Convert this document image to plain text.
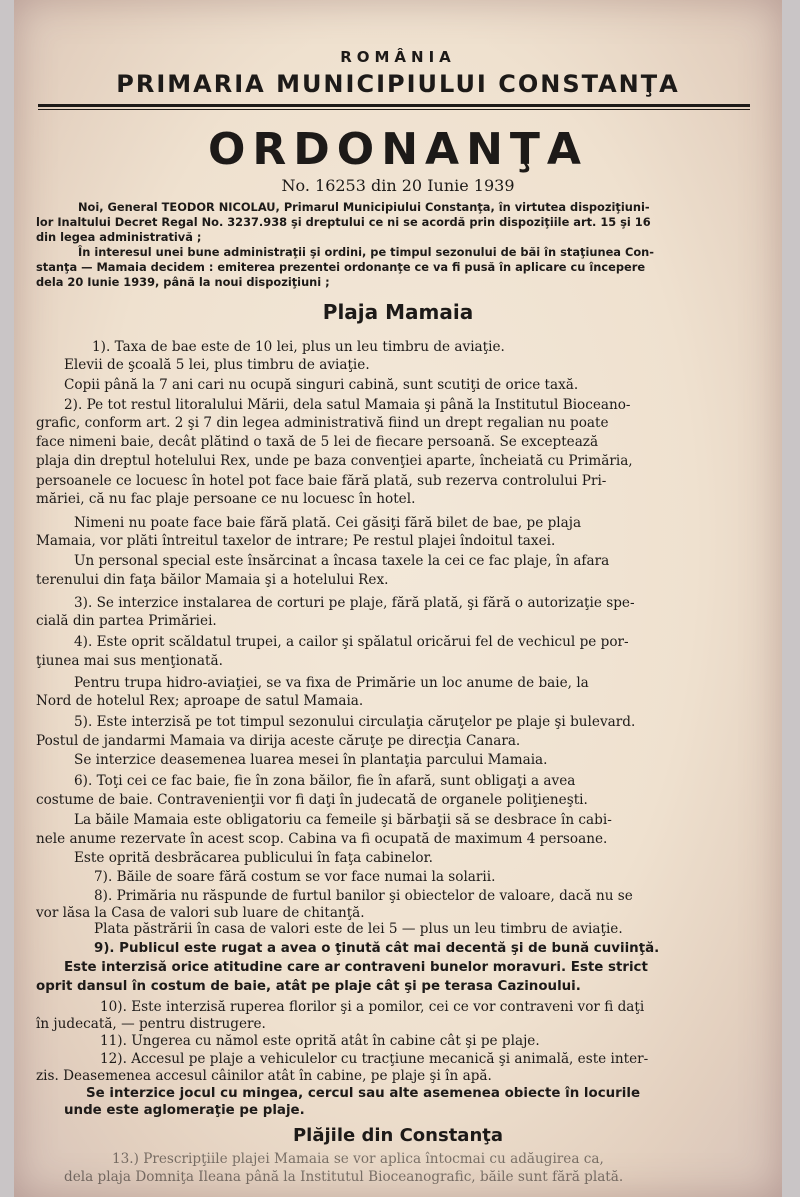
ROMÂNIA
PRIMARIA MUNICIPIULUI CONSTANŢA
ORDONANŢA
No. 16253 din 20 Iunie 1939
Noi, General TEODOR NICOLAU, Primarul Municipiului Constanţa, în virtutea dispoziţiuni-
lor Inaltului Decret Regal No. 3237.938 şi dreptului ce ni se acordă prin dispoziţiile art. 15 şi 16
din legea administrativă ;
În interesul unei bune administraţii şi ordini, pe timpul sezonului de băi în staţiunea Con-
stanţa — Mamaia decidem : emiterea prezentei ordonanţe ce va fi pusă în aplicare cu începere
dela 20 Iunie 1939, până la noui dispoziţiuni ;
Plaja Mamaia
1). Taxa de bae este de 10 lei, plus un leu timbru de aviaţie.
Elevii de şcoală 5 lei, plus timbru de aviaţie.
Copii până la 7 ani cari nu ocupă singuri cabină, sunt scutiţi de orice taxă.
2). Pe tot restul litoralului Mării, dela satul Mamaia şi până la Institutul Bioceano-
grafic, conform art. 2 şi 7 din legea administrativă fiind un drept regalian nu poate
face nimeni baie, decât plătind o taxă de 5 lei de fiecare persoană. Se exceptează
plaja din dreptul hotelului Rex, unde pe baza convenţiei aparte, încheiată cu Primăria,
persoanele ce locuesc în hotel pot face baie fără plată, sub rezerva controlului Pri-
măriei, că nu fac plaje persoane ce nu locuesc în hotel.
Nimeni nu poate face baie fără plată. Cei găsiţi fără bilet de bae, pe plaja
Mamaia, vor plăti întreitul taxelor de intrare; Pe restul plajei îndoitul taxei.
Un personal special este însărcinat a încasa taxele la cei ce fac plaje, în afara
terenului din faţa băilor Mamaia şi a hotelului Rex.
3). Se interzice instalarea de corturi pe plaje, fără plată, şi fără o autorizaţie spe-
cială din partea Primăriei.
4). Este oprit scăldatul trupei, a cailor şi spălatul oricărui fel de vechicul pe por-
ţiunea mai sus menţionată.
Pentru trupa hidro-aviaţiei, se va fixa de Primărie un loc anume de baie, la
Nord de hotelul Rex; aproape de satul Mamaia.
5). Este interzisă pe tot timpul sezonului circulaţia căruţelor pe plaje şi bulevard.
Postul de jandarmi Mamaia va dirija aceste căruţe pe direcţia Canara.
Se interzice deasemenea luarea mesei în plantaţia parcului Mamaia.
6). Toţi cei ce fac baie, fie în zona băilor, fie în afară, sunt obligaţi a avea
costume de baie. Contravenienţii vor fi daţi în judecată de organele poliţieneşti.
La băile Mamaia este obligatoriu ca femeile şi bărbaţii să se desbrace în cabi-
nele anume rezervate în acest scop. Cabina va fi ocupată de maximum 4 persoane.
Este oprită desbrăcarea publicului în faţa cabinelor.
7). Băile de soare fără costum se vor face numai la solarii.
8). Primăria nu răspunde de furtul banilor şi obiectelor de valoare, dacă nu se
vor lăsa la Casa de valori sub luare de chitanţă.
Plata păstrării în casa de valori este de lei 5 — plus un leu timbru de aviaţie.
9). Publicul este rugat a avea o ţinută cât mai decentă şi de bună cuviinţă.
Este interzisă orice atitudine care ar contraveni bunelor moravuri. Este strict
oprit dansul în costum de baie, atât pe plaje cât şi pe terasa Cazinoului.
10). Este interzisă ruperea florilor şi a pomilor, cei ce vor contraveni vor fi daţi
în judecată, — pentru distrugere.
11). Ungerea cu nămol este oprită atât în cabine cât şi pe plaje.
12). Accesul pe plaje a vehiculelor cu tracţiune mecanică şi animală, este inter-
zis. Deasemenea accesul câinilor atât în cabine, pe plaje şi în apă.
Se interzice jocul cu mingea, cercul sau alte asemenea obiecte în locurile
unde este aglomeraţie pe plaje.
Plăjile din Constanţa
13.) Prescripţiile plajei Mamaia se vor aplica întocmai cu adăugirea ca,
dela plaja Domniţa Ileana până la Institutul Bioceanografic, băile sunt fără plată.
